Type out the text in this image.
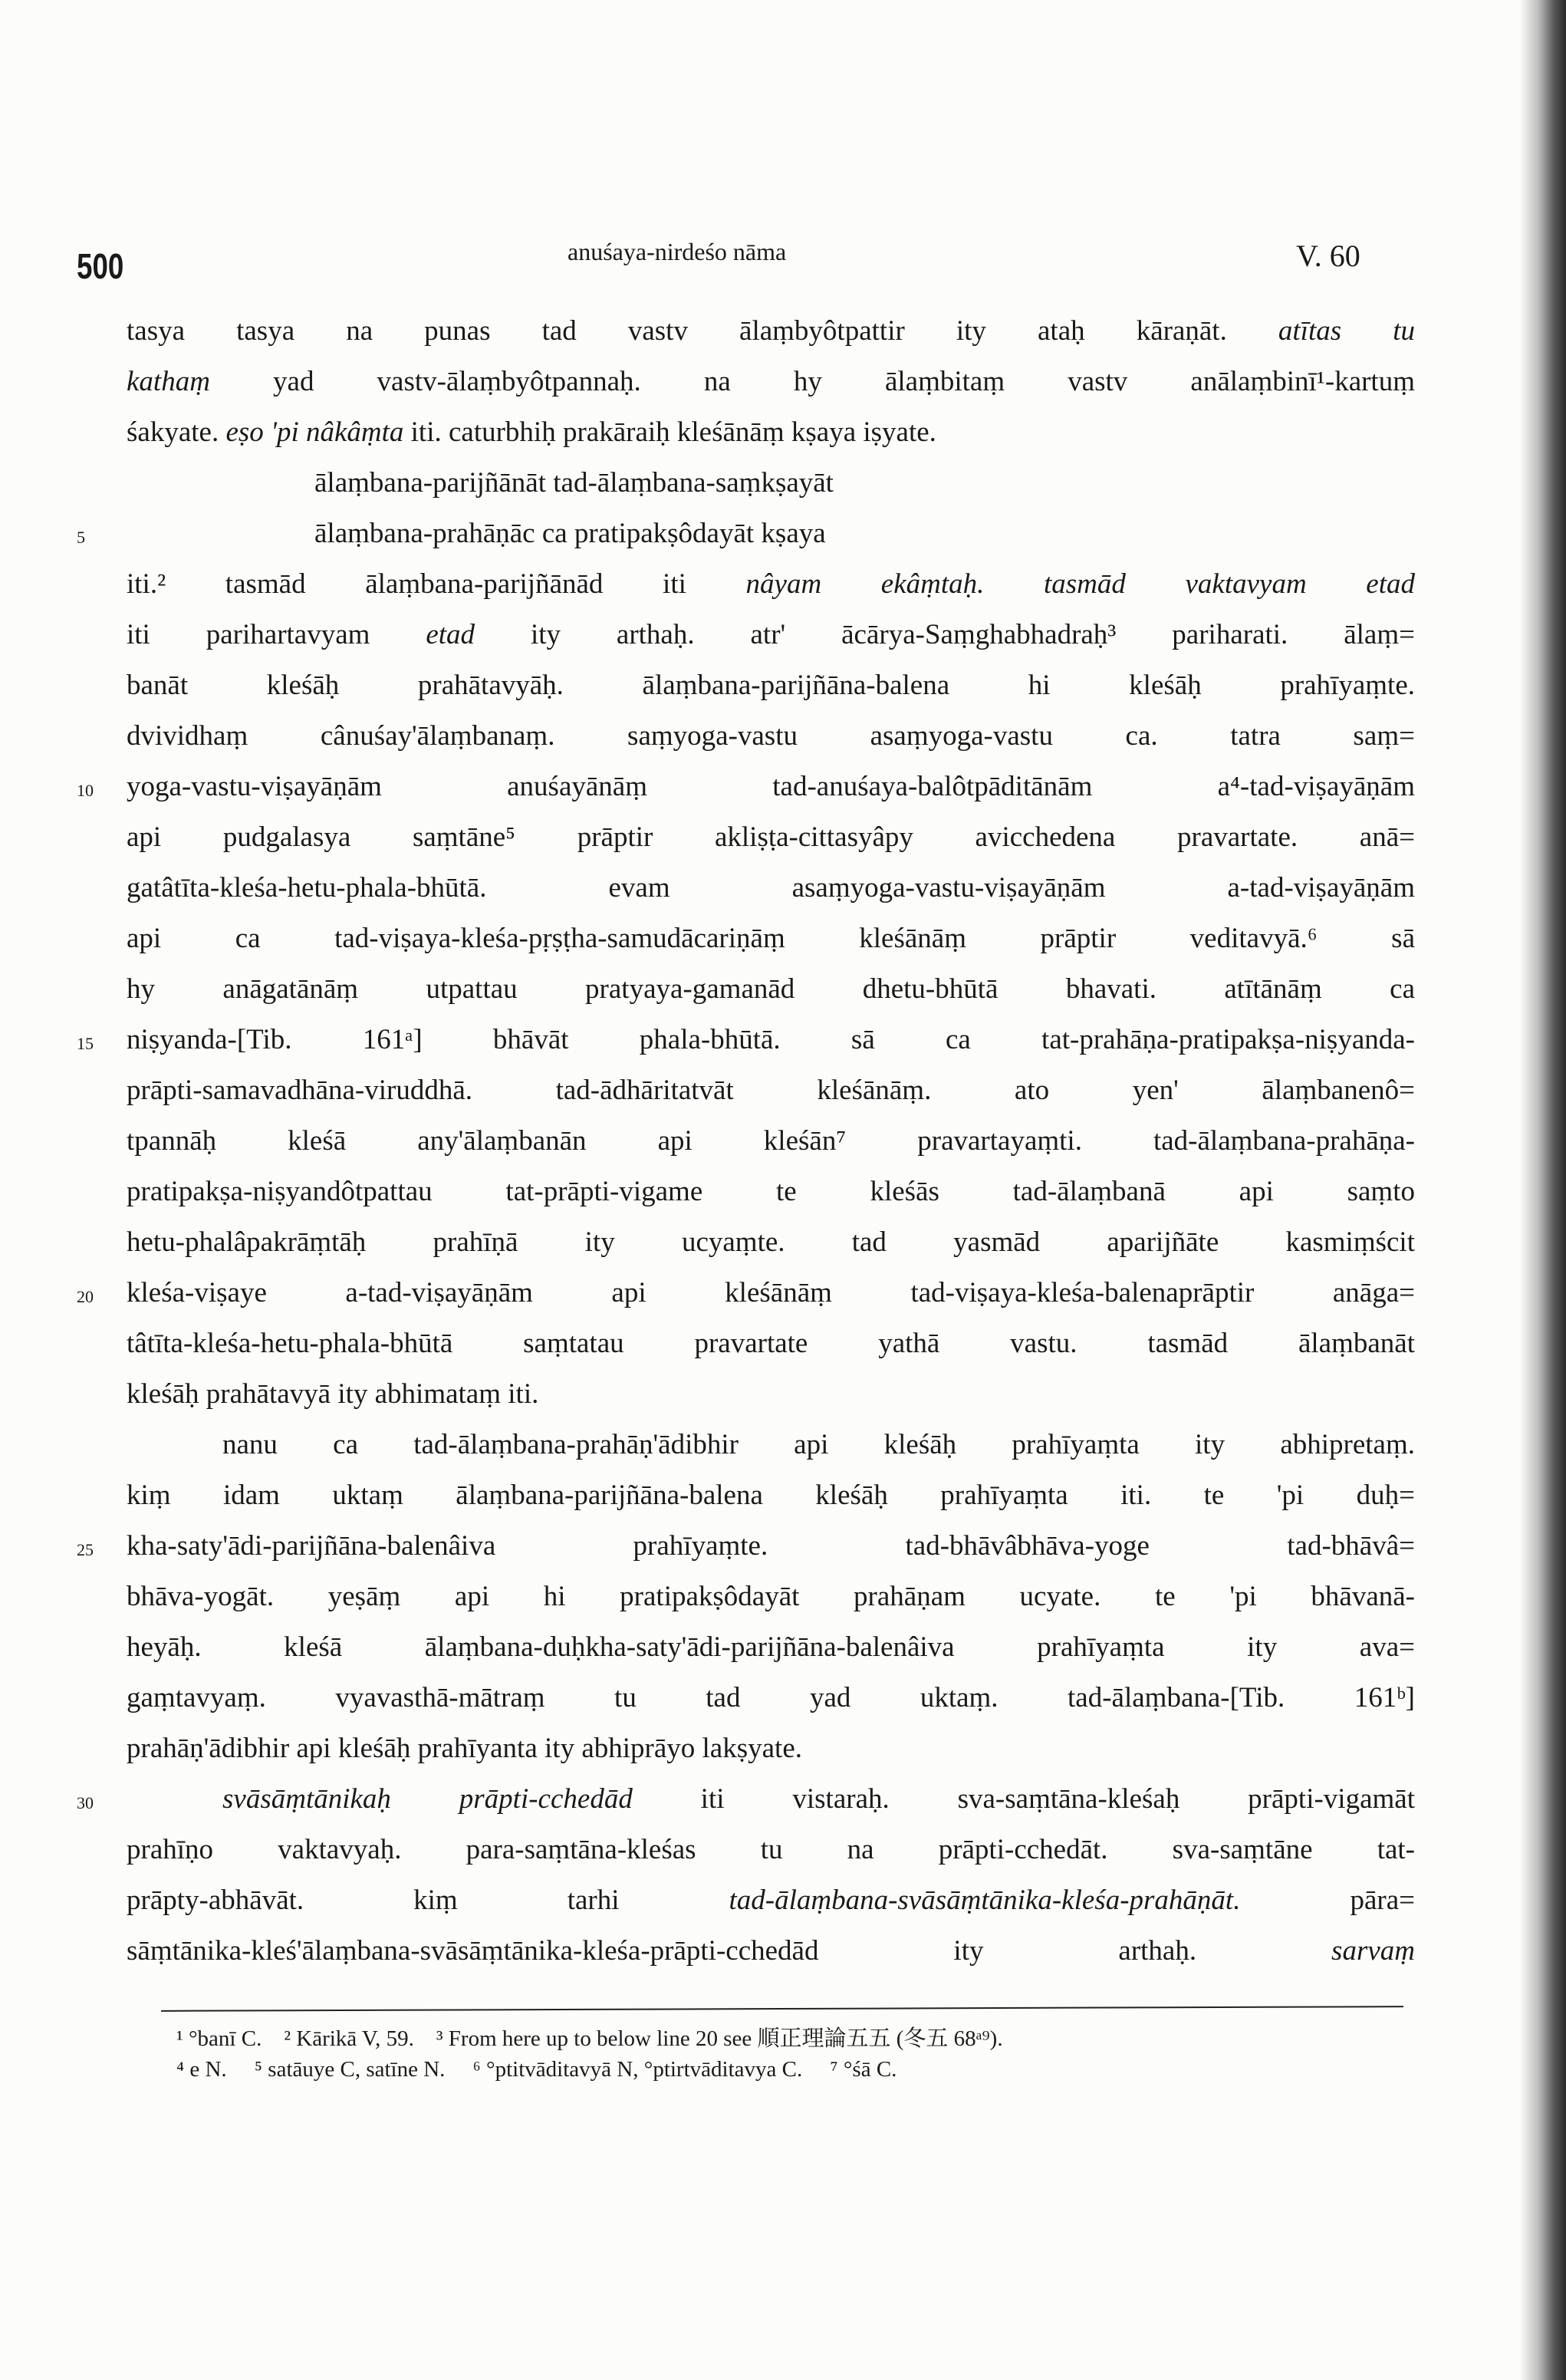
500	anuśaya-nirdeśo nāma	V. 60
tasya tasya na punas tad vastv ālaṃbyôtpattir ity ataḥ kāraṇāt. atītas tu
kathaṃ yad vastv-ālaṃbyôtpannaḥ. na hy ālaṃbitaṃ vastv anālaṃbinī¹-kartuṃ
śakyate. eṣo 'pi nâkâṃta iti. caturbhiḥ prakāraiḥ kleśānāṃ kṣaya iṣyate.
ālaṃbana-parijñānāt tad-ālaṃbana-saṃkṣayāt
ālaṃbana-prahāṇāc ca pratipakṣôdayāt kṣaya
5
iti.² tasmād ālaṃbana-parijñānād iti nâyam ekâṃtaḥ. tasmād vaktavyam etad
iti parihartavyam etad ity arthaḥ. atr' ācārya-Saṃghabhadraḥ³ pariharati. ālaṃ=
banāt kleśāḥ prahātavyāḥ. ālaṃbana-parijñāna-balena hi kleśāḥ prahīyaṃte.
dvividhaṃ cânuśay'ālaṃbanaṃ. saṃyoga-vastu asaṃyoga-vastu ca. tatra saṃ=
yoga-vastu-viṣayāṇām anuśayānāṃ tad-anuśaya-balôtpāditānām a⁴-tad-viṣayāṇām
10
api pudgalasya saṃtāne⁵ prāptir akliṣṭa-cittasyâpy avicchedena pravartate. anā=
gatâtīta-kleśa-hetu-phala-bhūtā. evam asaṃyoga-vastu-viṣayāṇām a-tad-viṣayāṇām
api ca tad-viṣaya-kleśa-pṛṣṭha-samudācariṇāṃ kleśānāṃ prāptir veditavyā.⁶ sā
hy anāgatānāṃ utpattau pratyaya-gamanād dhetu-bhūtā bhavati. atītānāṃ ca
niṣyanda-[Tib. 161ᵃ] bhāvāt phala-bhūtā. sā ca tat-prahāṇa-pratipakṣa-niṣyanda-
15
prāpti-samavadhāna-viruddhā. tad-ādhāritatvāt kleśānāṃ. ato yen' ālaṃbanenô=
tpannāḥ kleśā any'ālaṃbanān api kleśān⁷ pravartayaṃti. tad-ālaṃbana-prahāṇa-
pratipakṣa-niṣyandôtpattau tat-prāpti-vigame te kleśās tad-ālaṃbanā api saṃto
hetu-phalâpakrāṃtāḥ prahīṇā ity ucyaṃte. tad yasmād aparijñāte kasmiṃścit
kleśa-viṣaye a-tad-viṣayāṇām api kleśānāṃ tad-viṣaya-kleśa-balenaprāptir anāga=
20
tâtīta-kleśa-hetu-phala-bhūtā saṃtatau pravartate yathā vastu. tasmād ālaṃbanāt
kleśāḥ prahātavyā ity abhimataṃ iti.
nanu ca tad-ālaṃbana-prahāṇ'ādibhir api kleśāḥ prahīyaṃta ity abhipretaṃ.
kiṃ idam uktaṃ ālaṃbana-parijñāna-balena kleśāḥ prahīyaṃta iti. te 'pi duḥ=
kha-saty'ādi-parijñāna-balenâiva prahīyaṃte. tad-bhāvâbhāva-yoge tad-bhāvâ=
25
bhāva-yogāt. yeṣāṃ api hi pratipakṣôdayāt prahāṇam ucyate. te 'pi bhāvanā-
heyāḥ. kleśā ālaṃbana-duḥkha-saty'ādi-parijñāna-balenâiva prahīyaṃta ity ava=
gaṃtavyaṃ. vyavasthā-mātraṃ tu tad yad uktaṃ. tad-ālaṃbana-[Tib. 161ᵇ]
prahāṇ'ādibhir api kleśāḥ prahīyanta ity abhiprāyo lakṣyate.
svāsāṃtānikaḥ prāpti-cchedād iti vistaraḥ. sva-saṃtāna-kleśaḥ prāpti-vigamāt
30
prahīṇo vaktavyaḥ. para-saṃtāna-kleśas tu na prāpti-cchedāt. sva-saṃtāne tat-
prāpty-abhāvāt. kiṃ tarhi tad-ālaṃbana-svāsāṃtānika-kleśa-prahāṇāt. pāra=
sāṃtānika-kleś'ālaṃbana-svāsāṃtānika-kleśa-prāpti-cchedād ity arthaḥ. sarvaṃ
¹ °banī C.    ² Kārikā V, 59.    ³ From here up to below line 20 see 順正理論五五 (冬五 68ᵃ⁹).
⁴ e N.     ⁵ satāuye C, satīne N.     ⁶ °ptitvāditavyā N, °ptirtvāditavya C.     ⁷ °śā C.
